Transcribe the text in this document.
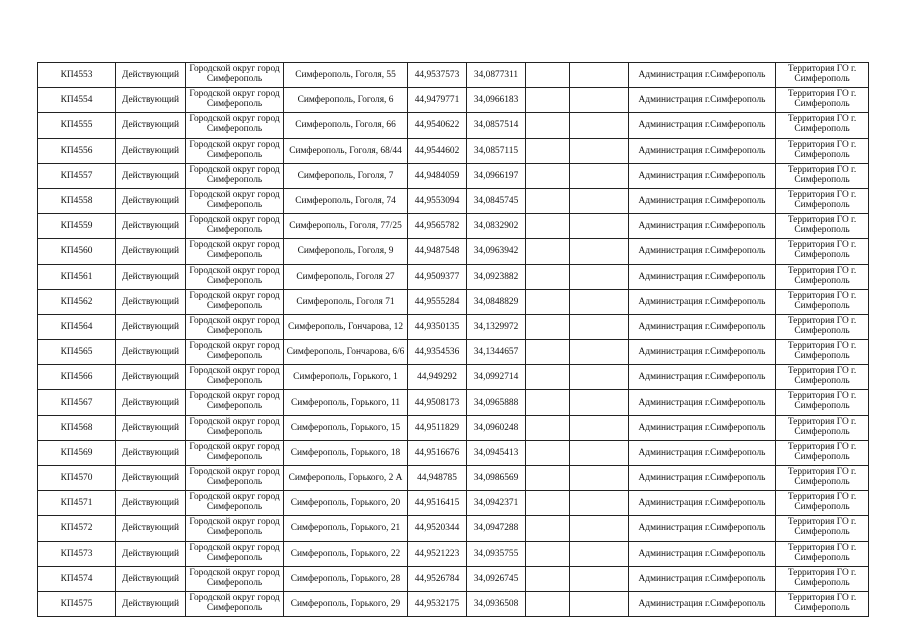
КП4553	Действующий	Городской округ город Симферополь	Симферополь, Гоголя, 55	44,9537573	34,0877311			Администрация г.Симферополь	Территория ГО г. Симферополь
КП4554	Действующий	Городской округ город Симферополь	Симферополь, Гоголя, 6	44,9479771	34,0966183			Администрация г.Симферополь	Территория ГО г. Симферополь
КП4555	Действующий	Городской округ город Симферополь	Симферополь, Гоголя, 66	44,9540622	34,0857514			Администрация г.Симферополь	Территория ГО г. Симферополь
КП4556	Действующий	Городской округ город Симферополь	Симферополь, Гоголя, 68/44	44,9544602	34,0857115			Администрация г.Симферополь	Территория ГО г. Симферополь
КП4557	Действующий	Городской округ город Симферополь	Симферополь, Гоголя, 7	44,9484059	34,0966197			Администрация г.Симферополь	Территория ГО г. Симферополь
КП4558	Действующий	Городской округ город Симферополь	Симферополь, Гоголя, 74	44,9553094	34,0845745			Администрация г.Симферополь	Территория ГО г. Симферополь
КП4559	Действующий	Городской округ город Симферополь	Симферополь, Гоголя, 77/25	44,9565782	34,0832902			Администрация г.Симферополь	Территория ГО г. Симферополь
КП4560	Действующий	Городской округ город Симферополь	Симферополь, Гоголя, 9	44,9487548	34,0963942			Администрация г.Симферополь	Территория ГО г. Симферополь
КП4561	Действующий	Городской округ город Симферополь	Симферополь, Гоголя 27	44,9509377	34,0923882			Администрация г.Симферополь	Территория ГО г. Симферополь
КП4562	Действующий	Городской округ город Симферополь	Симферополь, Гоголя 71	44,9555284	34,0848829			Администрация г.Симферополь	Территория ГО г. Симферополь
КП4564	Действующий	Городской округ город Симферополь	Симферополь, Гончарова, 12	44,9350135	34,1329972			Администрация г.Симферополь	Территория ГО г. Симферополь
КП4565	Действующий	Городской округ город Симферополь	Симферополь, Гончарова, 6/6	44,9354536	34,1344657			Администрация г.Симферополь	Территория ГО г. Симферополь
КП4566	Действующий	Городской округ город Симферополь	Симферополь, Горького, 1	44,949292	34,0992714			Администрация г.Симферополь	Территория ГО г. Симферополь
КП4567	Действующий	Городской округ город Симферополь	Симферополь, Горького, 11	44,9508173	34,0965888			Администрация г.Симферополь	Территория ГО г. Симферополь
КП4568	Действующий	Городской округ город Симферополь	Симферополь, Горького, 15	44,9511829	34,0960248			Администрация г.Симферополь	Территория ГО г. Симферополь
КП4569	Действующий	Городской округ город Симферополь	Симферополь, Горького, 18	44,9516676	34,0945413			Администрация г.Симферополь	Территория ГО г. Симферополь
КП4570	Действующий	Городской округ город Симферополь	Симферополь, Горького, 2 А	44,948785	34,0986569			Администрация г.Симферополь	Территория ГО г. Симферополь
КП4571	Действующий	Городской округ город Симферополь	Симферополь, Горького, 20	44,9516415	34,0942371			Администрация г.Симферополь	Территория ГО г. Симферополь
КП4572	Действующий	Городской округ город Симферополь	Симферополь, Горького, 21	44,9520344	34,0947288			Администрация г.Симферополь	Территория ГО г. Симферополь
КП4573	Действующий	Городской округ город Симферополь	Симферополь, Горького, 22	44,9521223	34,0935755			Администрация г.Симферополь	Территория ГО г. Симферополь
КП4574	Действующий	Городской округ город Симферополь	Симферополь, Горького, 28	44,9526784	34,0926745			Администрация г.Симферополь	Территория ГО г. Симферополь
КП4575	Действующий	Городской округ город Симферополь	Симферополь, Горького, 29	44,9532175	34,0936508			Администрация г.Симферополь	Территория ГО г. Симферополь
